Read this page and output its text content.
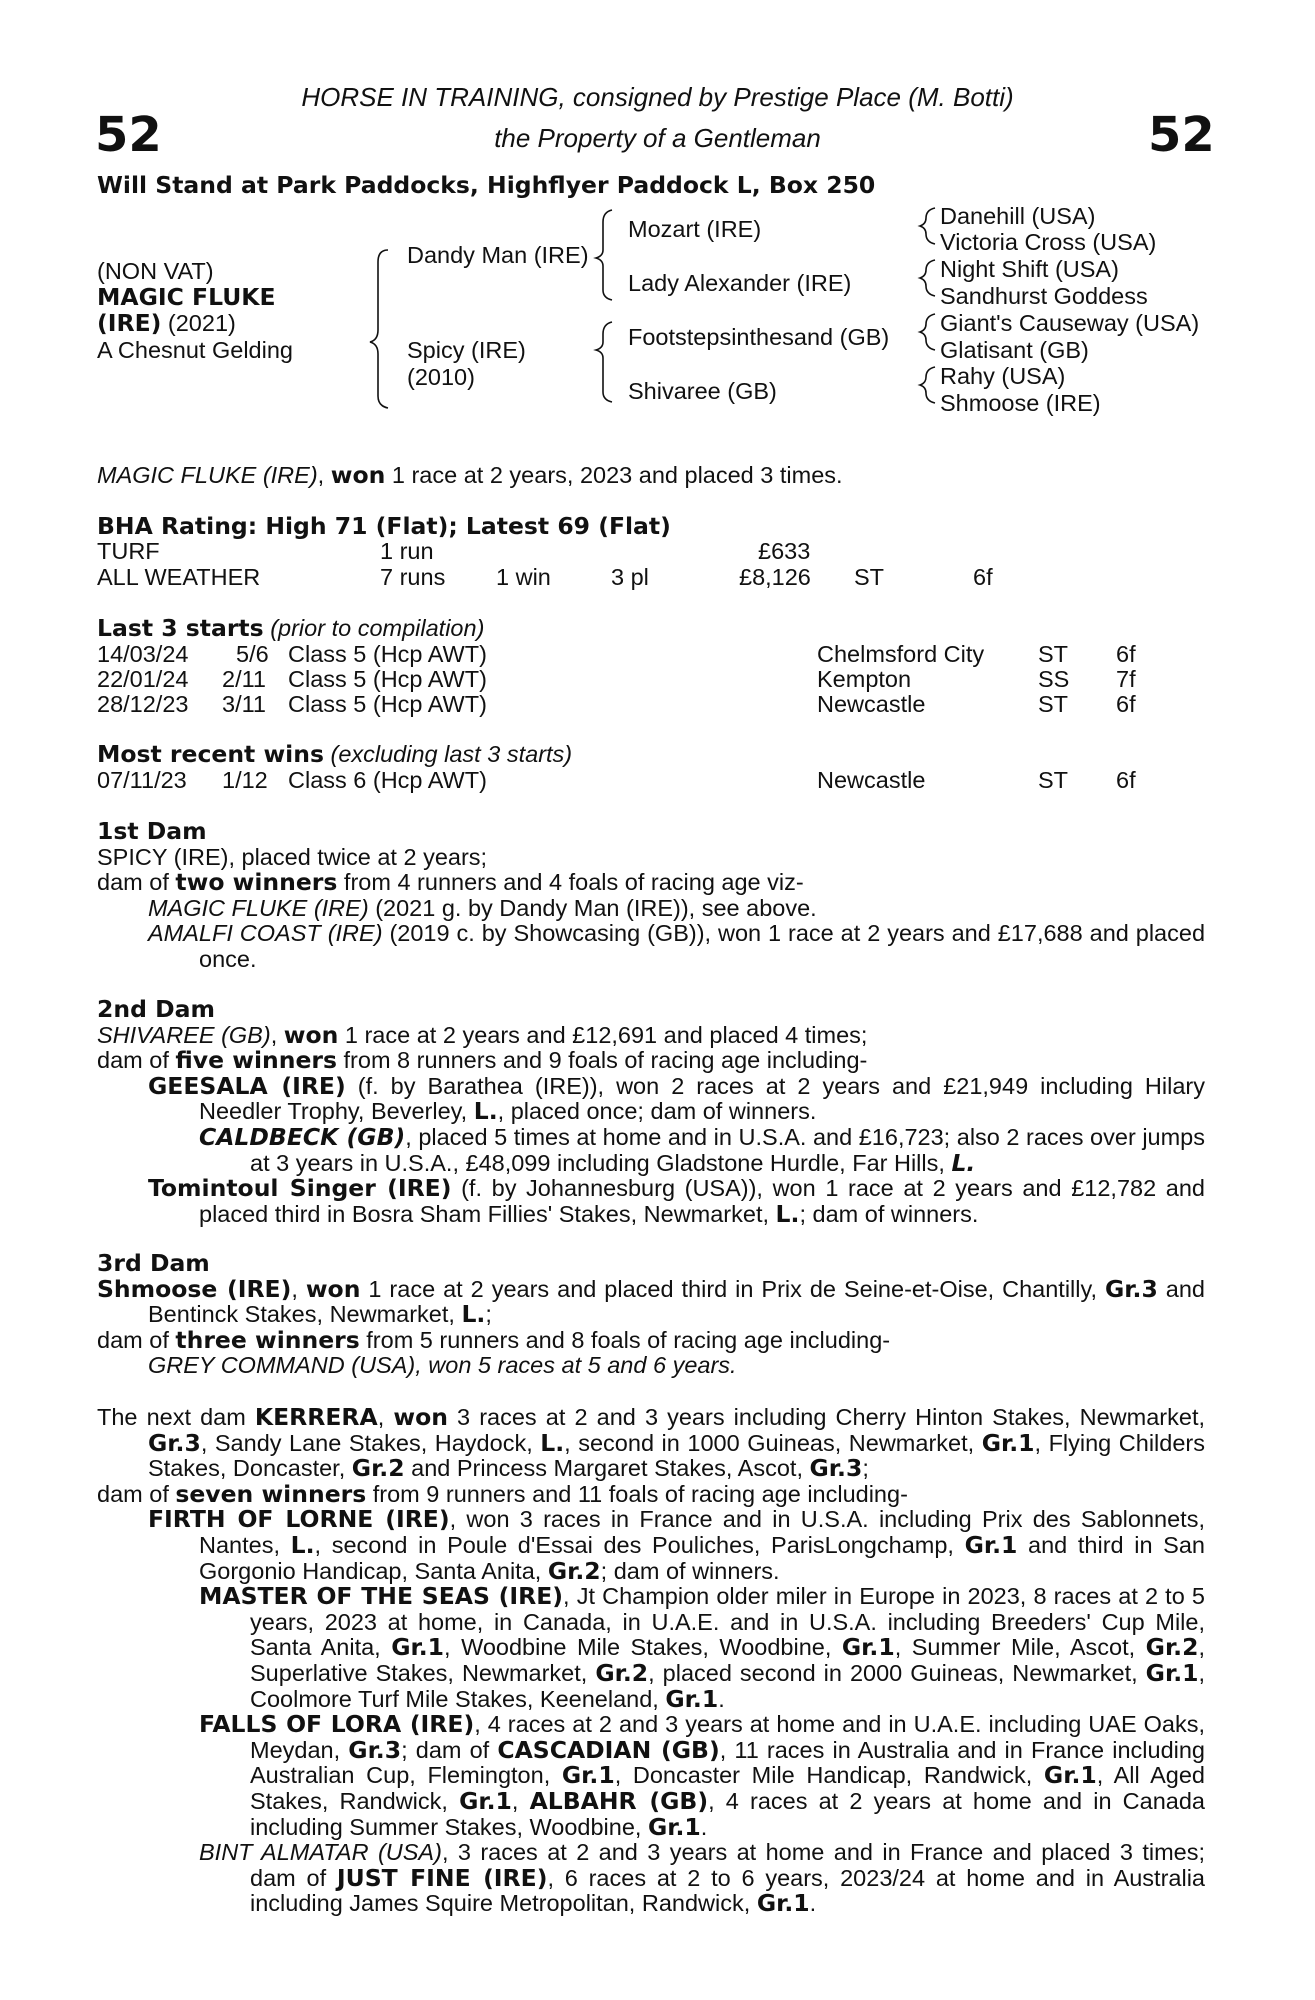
52	52
HORSE IN TRAINING, consigned by Prestige Place (M. Botti)
the Property of a Gentleman
Will Stand at Park Paddocks, Highflyer Paddock L, Box 250
(NON VAT)
MAGIC FLUKE
(IRE) (2021)
A Chesnut Gelding
Dandy Man (IRE)
Spicy (IRE)
(2010)
Mozart (IRE)
Lady Alexander (IRE)
Footstepsinthesand (GB)
Shivaree (GB)
Danehill (USA)
Victoria Cross (USA)
Night Shift (USA)
Sandhurst Goddess
Giant's Causeway (USA)
Glatisant (GB)
Rahy (USA)
Shmoose (IRE)
MAGIC FLUKE (IRE), won 1 race at 2 years, 2023 and placed 3 times.
BHA Rating: High 71 (Flat); Latest 69 (Flat)
TURF	1 run	£633
ALL WEATHER	7 runs 1 win	3 pl	£8,126 ST	6f
Last 3 starts (prior to compilation)
14/03/24 5/6 Class 5 (Hcp AWT)	Chelmsford City ST 6f
22/01/24 2/11 Class 5 (Hcp AWT)	Kempton	SS 7f
28/12/23 3/11 Class 5 (Hcp AWT)	Newcastle	ST 6f
Most recent wins (excluding last 3 starts)
07/11/23 1/12 Class 6 (Hcp AWT)	Newcastle	ST 6f

1st Dam

SPICY (IRE), placed twice at 2 years;

dam of two winners from 4 runners and 4 foals of racing age viz-

MAGIC FLUKE (IRE) (2021 g. by Dandy Man (IRE)), see above.

AMALFI COAST (IRE) (2019 c. by Showcasing (GB)), won 1 race at 2 years and £17,688 and placed once.

2nd Dam

SHIVAREE (GB), won 1 race at 2 years and £12,691 and placed 4 times;

dam of five winners from 8 runners and 9 foals of racing age including-

GEESALA (IRE) (f. by Barathea (IRE)), won 2 races at 2 years and £21,949 including Hilary Needler Trophy, Beverley, L., placed once; dam of winners.

CALDBECK (GB), placed 5 times at home and in U.S.A. and £16,723; also 2 races over jumps at 3 years in U.S.A., £48,099 including Gladstone Hurdle, Far Hills, L.

Tomintoul Singer (IRE) (f. by Johannesburg (USA)), won 1 race at 2 years and £12,782 and placed third in Bosra Sham Fillies' Stakes, Newmarket, L.; dam of winners.

3rd Dam

Shmoose (IRE), won 1 race at 2 years and placed third in Prix de Seine-et-Oise, Chantilly, Gr.3 and Bentinck Stakes, Newmarket, L.;

dam of three winners from 5 runners and 8 foals of racing age including-

GREY COMMAND (USA), won 5 races at 5 and 6 years.

The next dam KERRERA, won 3 races at 2 and 3 years including Cherry Hinton Stakes, Newmarket, Gr.3, Sandy Lane Stakes, Haydock, L., second in 1000 Guineas, Newmarket, Gr.1, Flying Childers Stakes, Doncaster, Gr.2 and Princess Margaret Stakes, Ascot, Gr.3;

dam of seven winners from 9 runners and 11 foals of racing age including-

FIRTH OF LORNE (IRE), won 3 races in France and in U.S.A. including Prix des Sablonnets, Nantes, L., second in Poule d'Essai des Pouliches, ParisLongchamp, Gr.1 and third in San Gorgonio Handicap, Santa Anita, Gr.2; dam of winners.

MASTER OF THE SEAS (IRE), Jt Champion older miler in Europe in 2023, 8 races at 2 to 5 years, 2023 at home, in Canada, in U.A.E. and in U.S.A. including Breeders' Cup Mile, Santa Anita, Gr.1, Woodbine Mile Stakes, Woodbine, Gr.1, Summer Mile, Ascot, Gr.2, Superlative Stakes, Newmarket, Gr.2, placed second in 2000 Guineas, Newmarket, Gr.1, Coolmore Turf Mile Stakes, Keeneland, Gr.1.

FALLS OF LORA (IRE), 4 races at 2 and 3 years at home and in U.A.E. including UAE Oaks, Meydan, Gr.3; dam of CASCADIAN (GB), 11 races in Australia and in France including Australian Cup, Flemington, Gr.1, Doncaster Mile Handicap, Randwick, Gr.1, All Aged Stakes, Randwick, Gr.1, ALBAHR (GB), 4 races at 2 years at home and in Canada including Summer Stakes, Woodbine, Gr.1.

BINT ALMATAR (USA), 3 races at 2 and 3 years at home and in France and placed 3 times; dam of JUST FINE (IRE), 6 races at 2 to 6 years, 2023/24 at home and in Australia including James Squire Metropolitan, Randwick, Gr.1.
